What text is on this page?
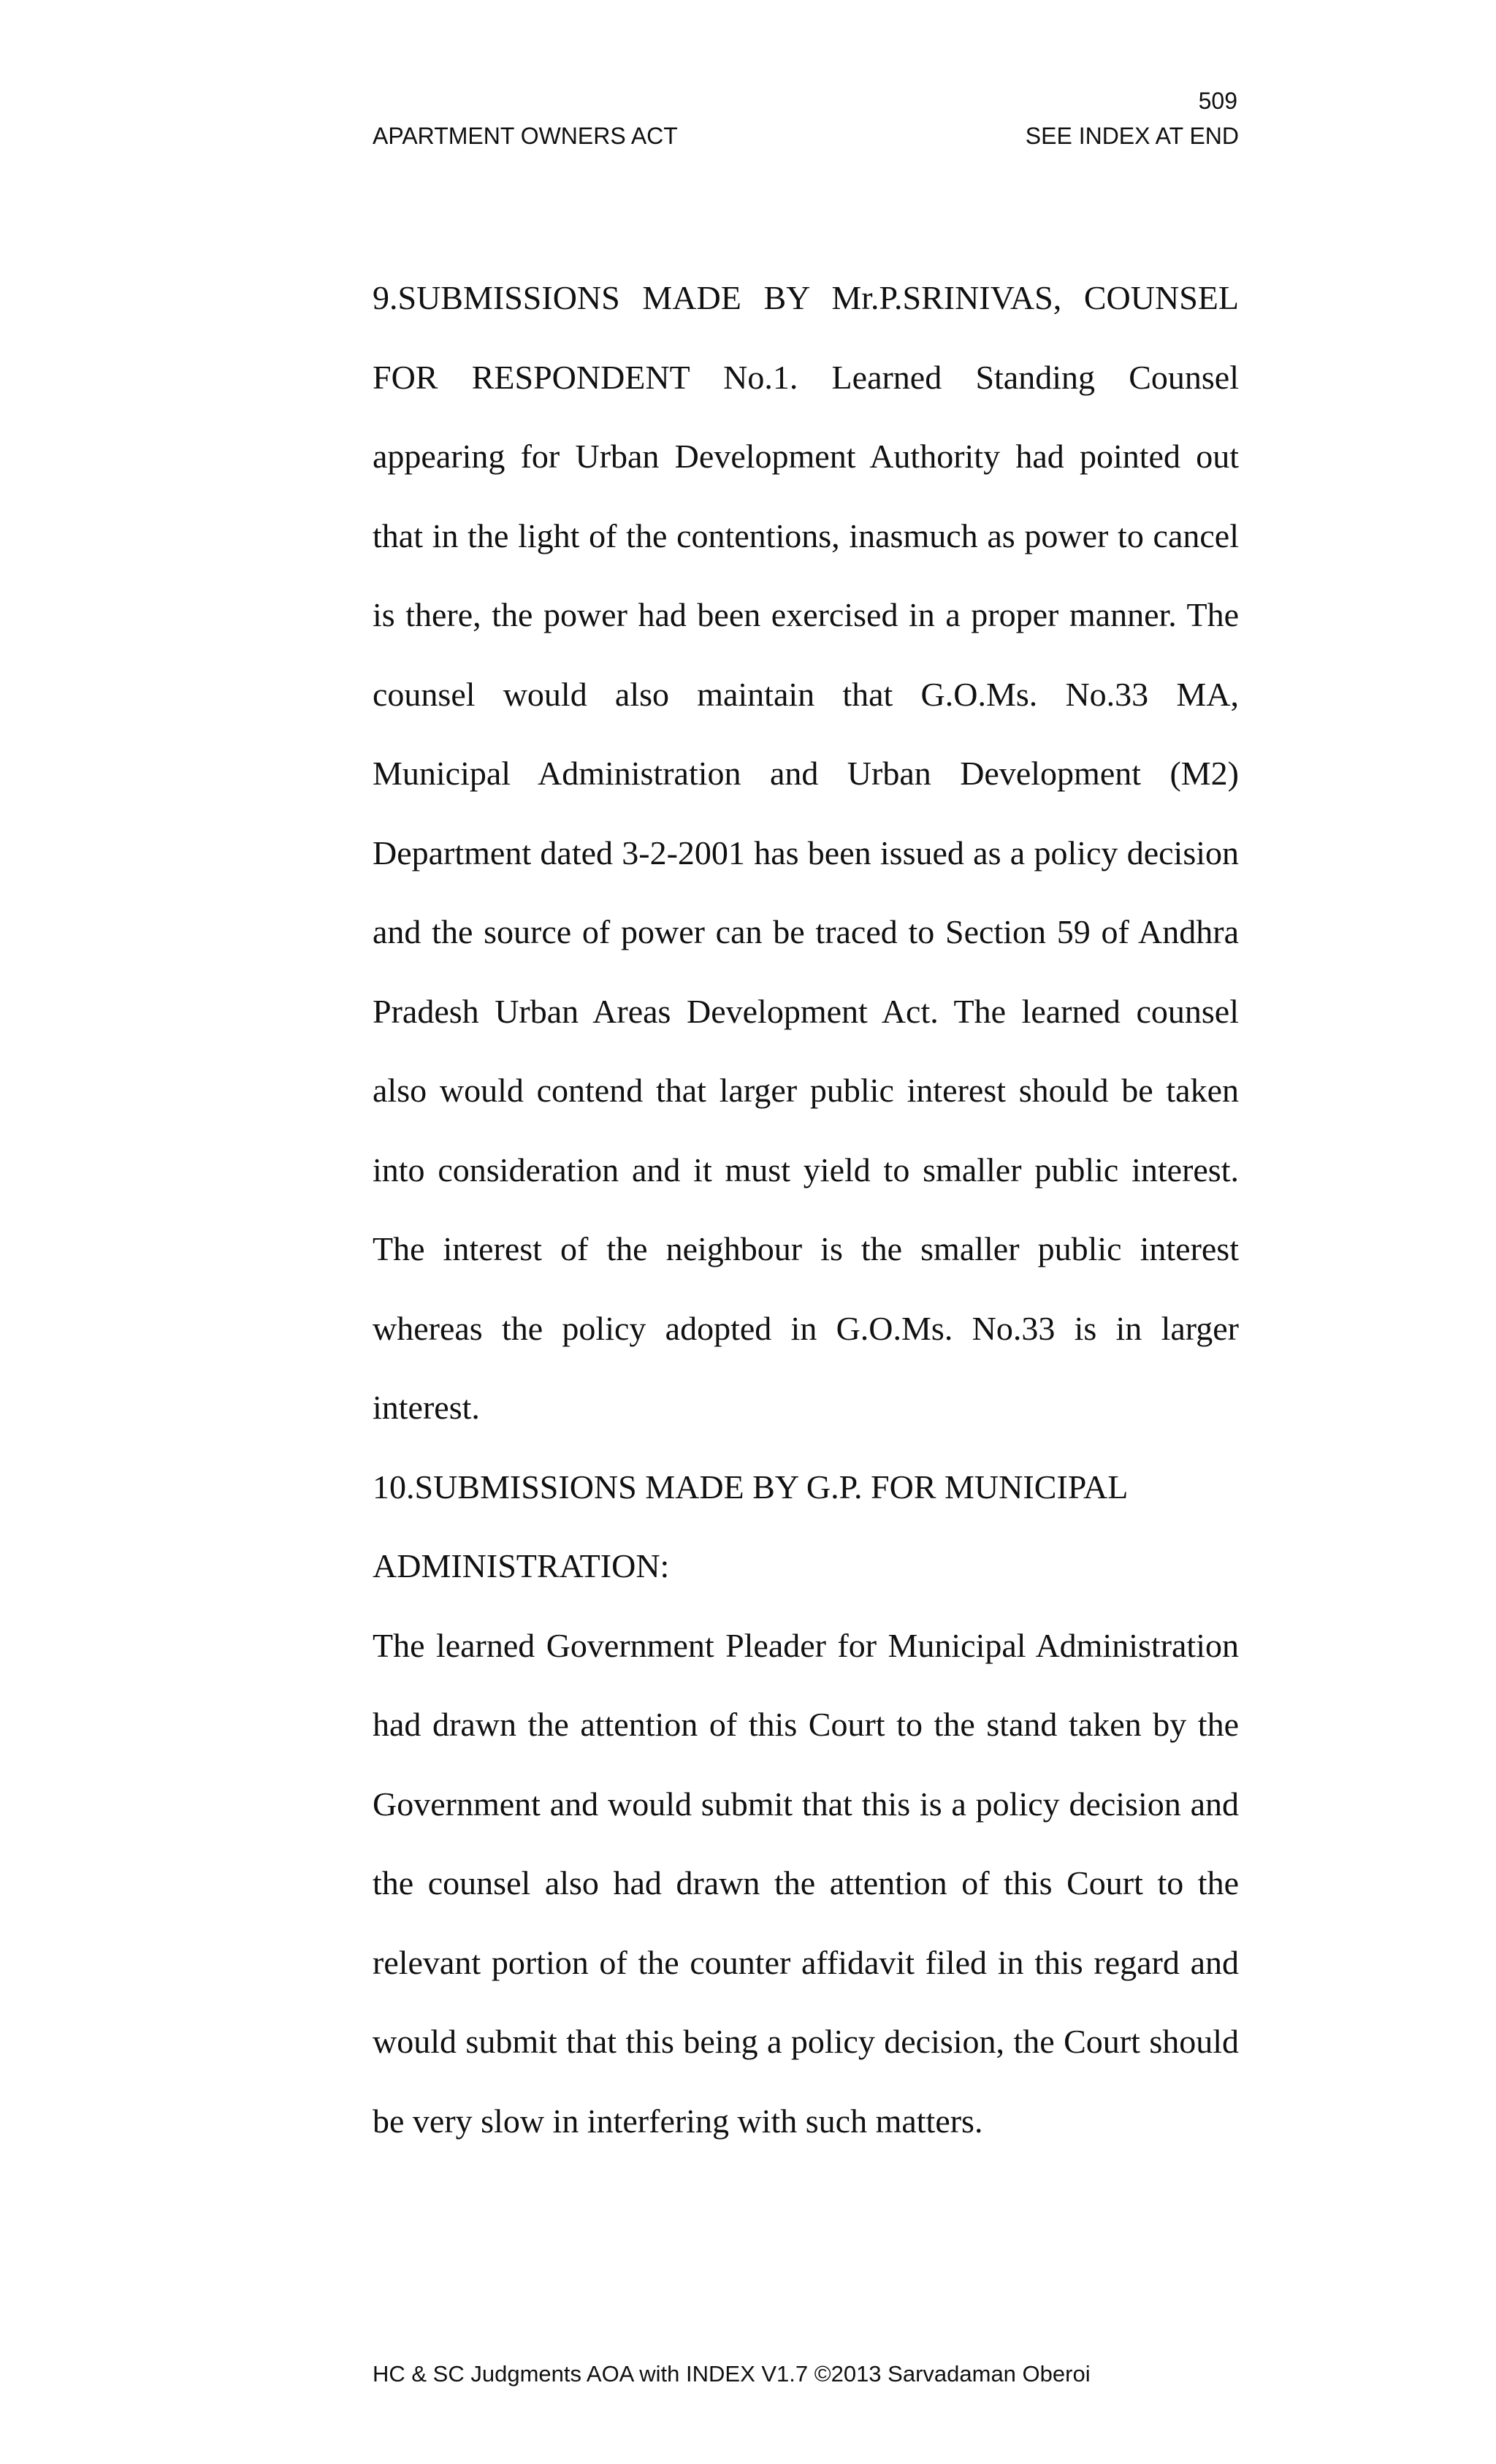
509
APARTMENT OWNERS ACT	SEE INDEX AT END

9.SUBMISSIONS MADE BY Mr.P.SRINIVAS, COUNSEL FOR RESPONDENT No.1. Learned Standing Counsel appearing for Urban Development Authority had pointed out that in the light of the contentions, inasmuch as power to cancel is there, the power had been exercised in a proper manner. The counsel would also maintain that G.O.Ms. No.33 MA, Municipal Administration and Urban Development (M2) Department dated 3-2-2001 has been issued as a policy decision and the source of power can be traced to Section 59 of Andhra Pradesh Urban Areas Development Act. The learned counsel also would contend that larger public interest should be taken into consideration and it must yield to smaller public interest. The interest of the neighbour is the smaller public interest whereas the policy adopted in G.O.Ms. No.33 is in larger interest.

10.SUBMISSIONS MADE BY G.P. FOR MUNICIPAL ADMINISTRATION:

The learned Government Pleader for Municipal Administration had drawn the attention of this Court to the stand taken by the Government and would submit that this is a policy decision and the counsel also had drawn the attention of this Court to the relevant portion of the counter affidavit filed in this regard and would submit that this being a policy decision, the Court should be very slow in interfering with such matters.

HC & SC Judgments AOA with INDEX V1.7 ©2013 Sarvadaman Oberoi
